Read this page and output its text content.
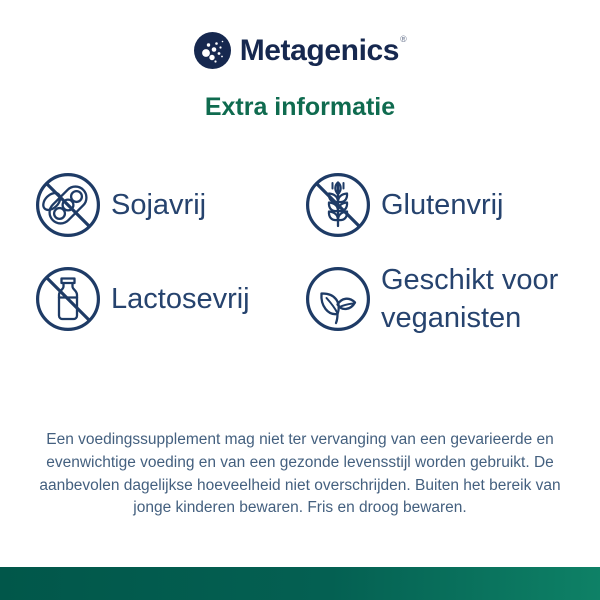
Metagenics®
Extra informatie
Sojavrij	Glutenvrij
Lactosevrij
Geschikt voor veganisten
Een voedingssupplement mag niet ter vervanging van een gevarieerde en
evenwichtige voeding en van een gezonde levensstijl worden gebruikt. De
aanbevolen dagelijkse hoeveelheid niet overschrijden. Buiten het bereik van
jonge kinderen bewaren. Fris en droog bewaren.
